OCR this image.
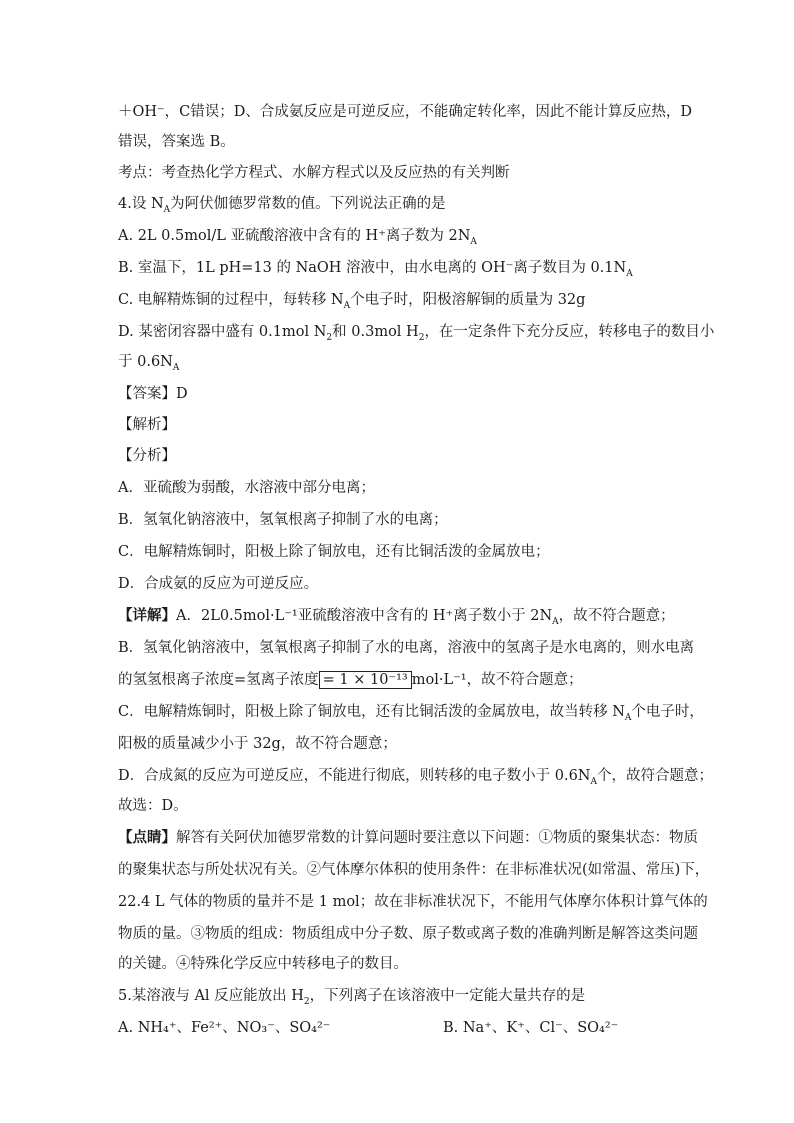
＋OH⁻，C错误；D、合成氨反应是可逆反应，不能确定转化率，因此不能计算反应热，D
错误，答案选 B。
考点：考查热化学方程式、水解方程式以及反应热的有关判断
4.设 $N_A$为阿伏伽德罗常数的值。下列说法正确的是
A. 2L 0.5mol/L 亚硫酸溶液中含有的 H⁺离子数为 $2N_A$
B. 室温下，1L pH=13 的 NaOH 溶液中，由水电离的 OH⁻离子数目为 $0.1N_A$
C. 电解精炼铜的过程中，每转移 $N_A$个电子时，阳极溶解铜的质量为 32g
D. 某密闭容器中盛有 0.1mol $N_2$和 0.3mol $H_2$，在一定条件下充分反应，转移电子的数目小
于 $0.6N_A$
【答案】D
【解析】
【分析】
A．亚硫酸为弱酸，水溶液中部分电离；
B．氢氧化钠溶液中，氢氧根离子抑制了水的电离；
C．电解精炼铜时，阳极上除了铜放电，还有比铜活泼的金属放电；
D．合成氨的反应为可逆反应。
【详解】A．2L0.5mol·L⁻¹亚硫酸溶液中含有的 H⁺离子数小于 $2N_A$，故不符合题意；
B．氢氧化钠溶液中，氢氧根离子抑制了水的电离，溶液中的氢离子是水电离的，则水电离
的氢氢根离子浓度=氢离子浓度 = 1 × 10⁻¹³ mol·L⁻¹，故不符合题意；
C．电解精炼铜时，阳极上除了铜放电，还有比铜活泼的金属放电，故当转移 $N_A$个电子时，
阳极的质量减少小于 32g，故不符合题意；
D．合成氮的反应为可逆反应，不能进行彻底，则转移的电子数小于 $0.6N_A$个，故符合题意；
故选：D。
【点睛】解答有关阿伏加德罗常数的计算问题时要注意以下问题：①物质的聚集状态：物质
的聚集状态与所处状况有关。②气体摩尔体积的使用条件：在非标准状况(如常温、常压)下，
22.4 L 气体的物质的量并不是 1 mol；故在非标准状况下，不能用气体摩尔体积计算气体的
物质的量。③物质的组成：物质组成中分子数、原子数或离子数的准确判断是解答这类问题
的关键。④特殊化学反应中转移电子的数目。
5.某溶液与 Al 反应能放出 $H_2$，下列离子在该溶液中一定能大量共存的是
A. NH₄⁺、Fe²⁺、NO₃⁻、SO₄²⁻	B. Na⁺、K⁺、Cl⁻、SO₄²⁻
